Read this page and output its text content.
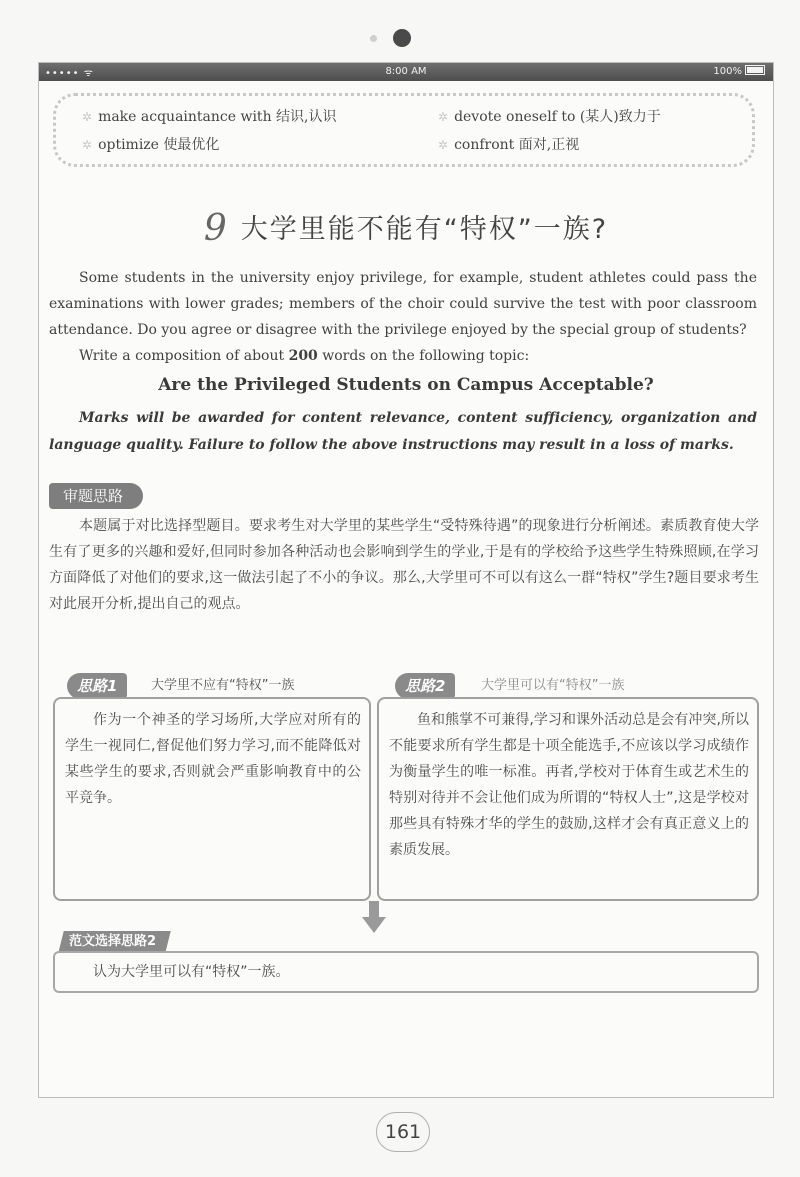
••••• ᯤ	8:00 AM	100%
✲ make acquaintance with 结识,认识	✲ devote oneself to (某人)致力于
✲ optimize 使最优化	✲ confront 面对,正视
9 大学里能不能有“特权”一族?

Some students in the university enjoy privilege, for example, student athletes could pass the examinations with lower grades; members of the choir could survive the test with poor classroom attendance. Do you agree or disagree with the privilege enjoyed by the special group of students?

Write a composition of about 200 words on the following topic:

Are the Privileged Students on Campus Acceptable?
Marks will be awarded for content relevance, content sufficiency, organization and language quality. Failure to follow the above instructions may result in a loss of marks.
审题思路
本题属于对比选择型题目。要求考生对大学里的某些学生“受特殊待遇”的现象进行分析阐述。素质教育使大学生有了更多的兴趣和爱好,但同时参加各种活动也会影响到学生的学业,于是有的学校给予这些学生特殊照顾,在学习方面降低了对他们的要求,这一做法引起了不小的争议。那么,大学里可不可以有这么一群“特权”学生?题目要求考生对此展开分析,提出自己的观点。
思路1	大学里不应有“特权”一族
作为一个神圣的学习场所,大学应对所有的学生一视同仁,督促他们努力学习,而不能降低对某些学生的要求,否则就会严重影响教育中的公平竞争。
思路2	大学里可以有“特权”一族
鱼和熊掌不可兼得,学习和课外活动总是会有冲突,所以不能要求所有学生都是十项全能选手,不应该以学习成绩作为衡量学生的唯一标准。再者,学校对于体育生或艺术生的特别对待并不会让他们成为所谓的“特权人士”,这是学校对那些具有特殊才华的学生的鼓励,这样才会有真正意义上的素质发展。
范文选择思路2
认为大学里可以有“特权”一族。
161
